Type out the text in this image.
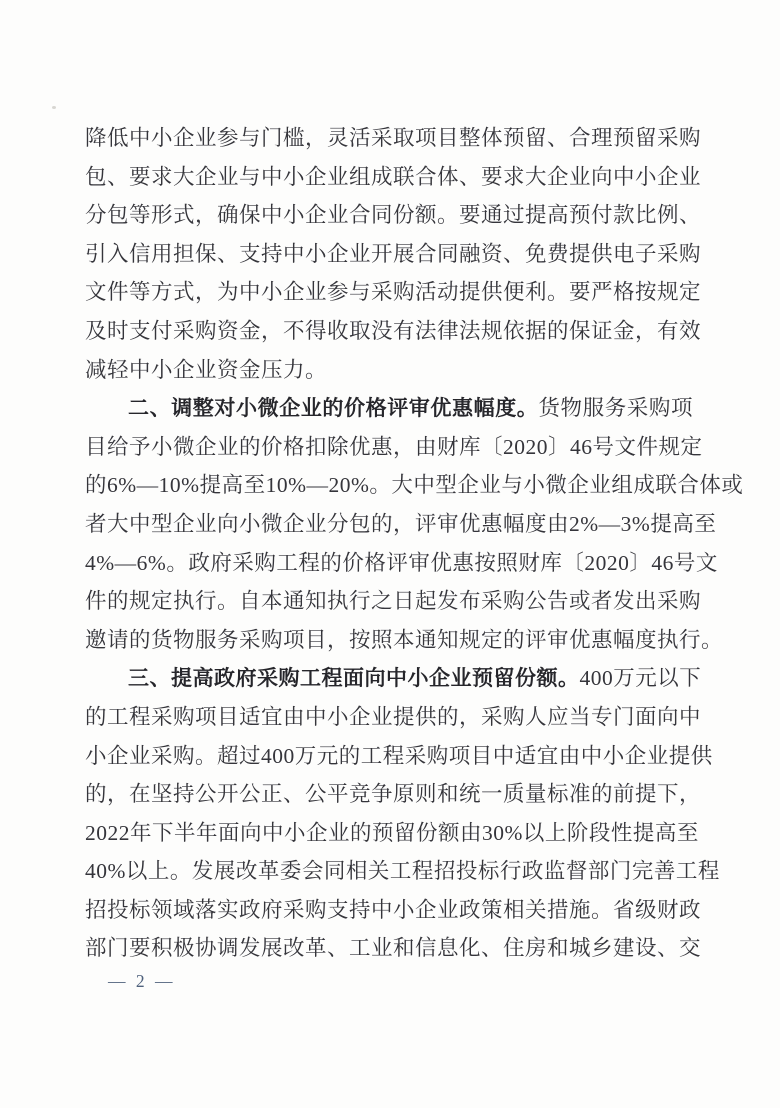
降低中小企业参与门槛，灵活采取项目整体预留、合理预留采购
包、要求大企业与中小企业组成联合体、要求大企业向中小企业
分包等形式，确保中小企业合同份额。要通过提高预付款比例、
引入信用担保、支持中小企业开展合同融资、免费提供电子采购
文件等方式，为中小企业参与采购活动提供便利。要严格按规定
及时支付采购资金，不得收取没有法律法规依据的保证金，有效
减轻中小企业资金压力。
二、调整对小微企业的价格评审优惠幅度。货物服务采购项
目给予小微企业的价格扣除优惠，由财库〔2020〕46号文件规定
的6%—10%提高至10%—20%。大中型企业与小微企业组成联合体或
者大中型企业向小微企业分包的，评审优惠幅度由2%—3%提高至
4%—6%。政府采购工程的价格评审优惠按照财库〔2020〕46号文
件的规定执行。自本通知执行之日起发布采购公告或者发出采购
邀请的货物服务采购项目，按照本通知规定的评审优惠幅度执行。
三、提高政府采购工程面向中小企业预留份额。400万元以下
的工程采购项目适宜由中小企业提供的，采购人应当专门面向中
小企业采购。超过400万元的工程采购项目中适宜由中小企业提供
的，在坚持公开公正、公平竞争原则和统一质量标准的前提下，
2022年下半年面向中小企业的预留份额由30%以上阶段性提高至
40%以上。发展改革委会同相关工程招投标行政监督部门完善工程
招投标领域落实政府采购支持中小企业政策相关措施。省级财政
部门要积极协调发展改革、工业和信息化、住房和城乡建设、交
— 2 —
